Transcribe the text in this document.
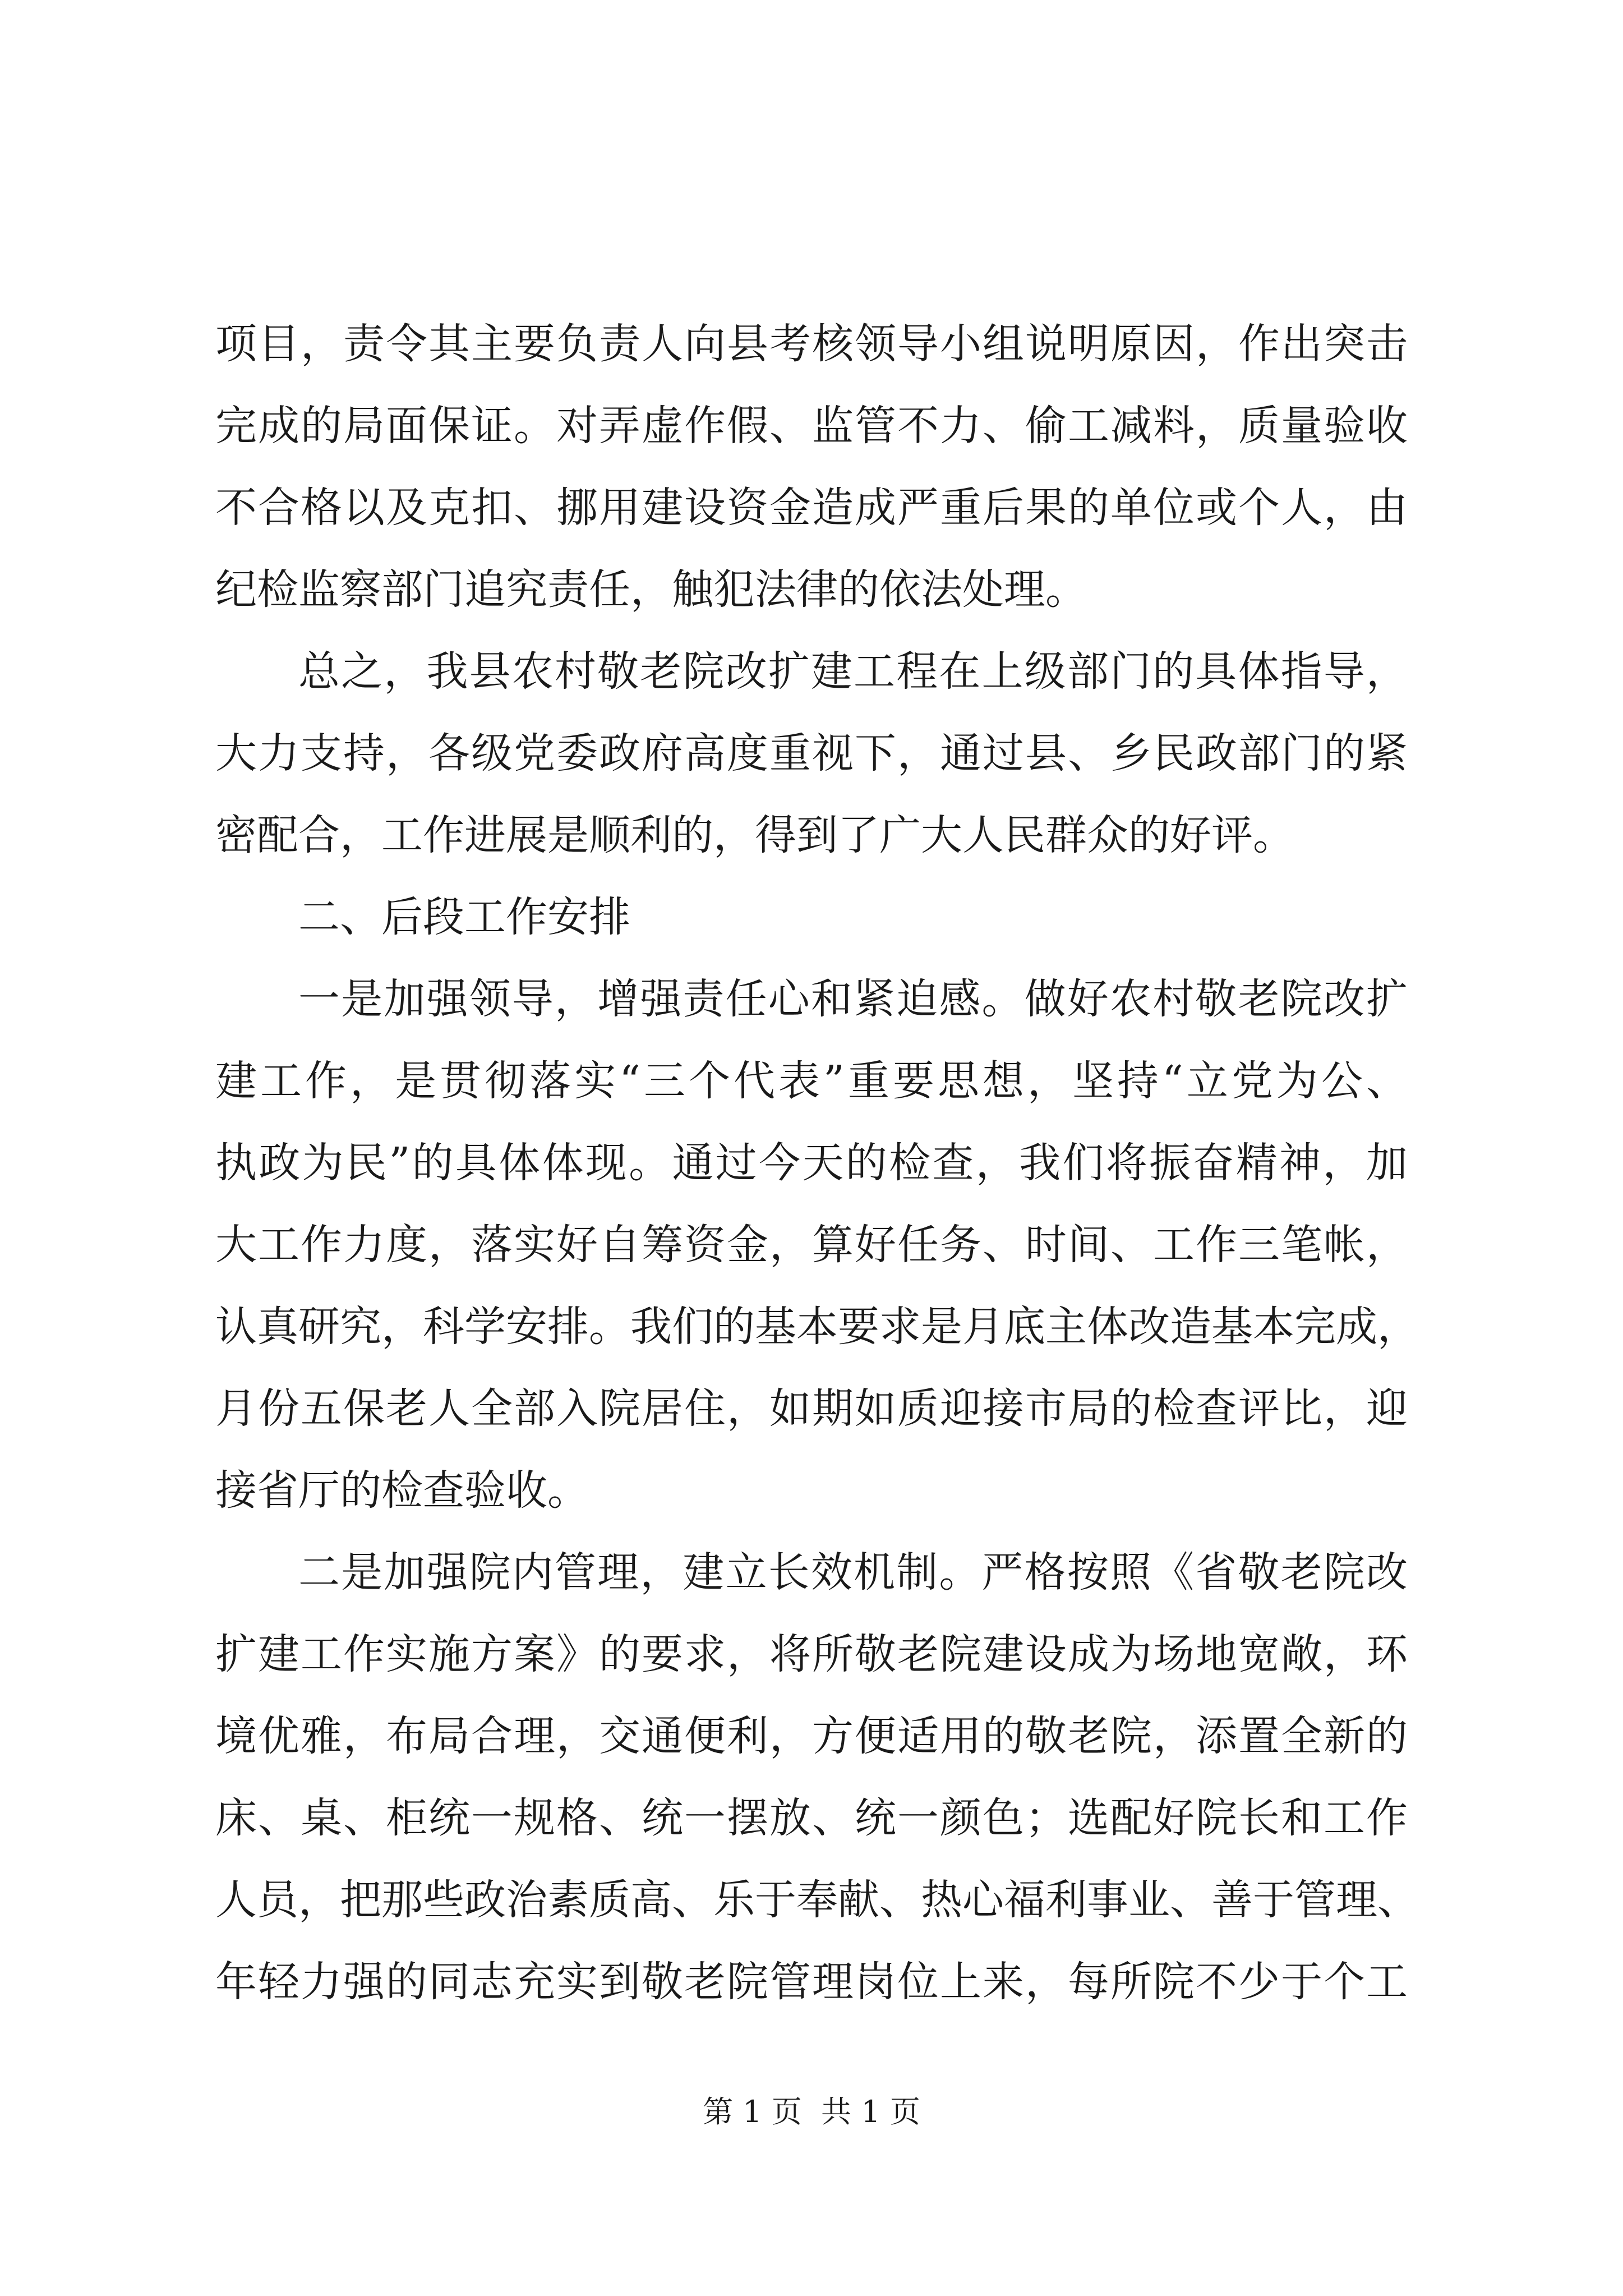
项 目 ， 责 令 其 主 要 负 责 人 向 县 考 核 领 导 小 组 说 明 原 因 ， 作 出 突 击
完 成 的 局 面 保 证 。 对 弄 虚 作 假 、 监 管 不 力 、 偷 工 减 料 ， 质 量 验 收
不 合 格 以 及 克 扣 、 挪 用 建 设 资 金 造 成 严 重 后 果 的 单 位 或 个 人 ， 由
纪检监察部门追究责任，触犯法律的依法处理。
总 之 ， 我 县 农 村 敬 老 院 改 扩 建 工 程 在 上 级 部 门 的 具 体 指 导 ，
大 力 支 持 ， 各 级 党 委 政 府 高 度 重 视 下 ， 通 过 县 、 乡 民 政 部 门 的 紧
密配合，工作进展是顺利的，得到了广大人民群众的好评。
二、后段工作安排
一 是 加 强 领 导 ， 增 强 责 任 心 和 紧 迫 感 。 做 好 农 村 敬 老 院 改 扩
建 工 作 ， 是 贯 彻 落 实 “ 三 个 代 表 ” 重 要 思 想 ， 坚 持 “ 立 党 为 公 、
执 政 为 民 ” 的 具 体 体 现 。 通 过 今 天 的 检 查 ， 我 们 将 振 奋 精 神 ， 加
大 工 作 力 度 ， 落 实 好 自 筹 资 金 ， 算 好 任 务 、 时 间 、 工 作 三 笔 帐 ，
认 真 研 究 ， 科 学 安 排 。 我 们 的 基 本 要 求 是 月 底 主 体 改 造 基 本 完 成 ，
月 份 五 保 老 人 全 部 入 院 居 住 ， 如 期 如 质 迎 接 市 局 的 检 查 评 比 ， 迎
接省厅的检查验收。
二 是 加 强 院 内 管 理 ， 建 立 长 效 机 制 。 严 格 按 照 《 省 敬 老 院 改
扩 建 工 作 实 施 方 案 》 的 要 求 ， 将 所 敬 老 院 建 设 成 为 场 地 宽 敞 ， 环
境 优 雅 ， 布 局 合 理 ， 交 通 便 利 ， 方 便 适 用 的 敬 老 院 ， 添 置 全 新 的
床 、 桌 、 柜 统 一 规 格 、 统 一 摆 放 、 统 一 颜 色 ； 选 配 好 院 长 和 工 作
人 员 ， 把 那 些 政 治 素 质 高 、 乐 于 奉 献 、 热 心 福 利 事 业 、 善 于 管 理 、
年 轻 力 强 的 同 志 充 实 到 敬 老 院 管 理 岗 位 上 来 ， 每 所 院 不 少 于 个 工
第 1 页  共 1 页
